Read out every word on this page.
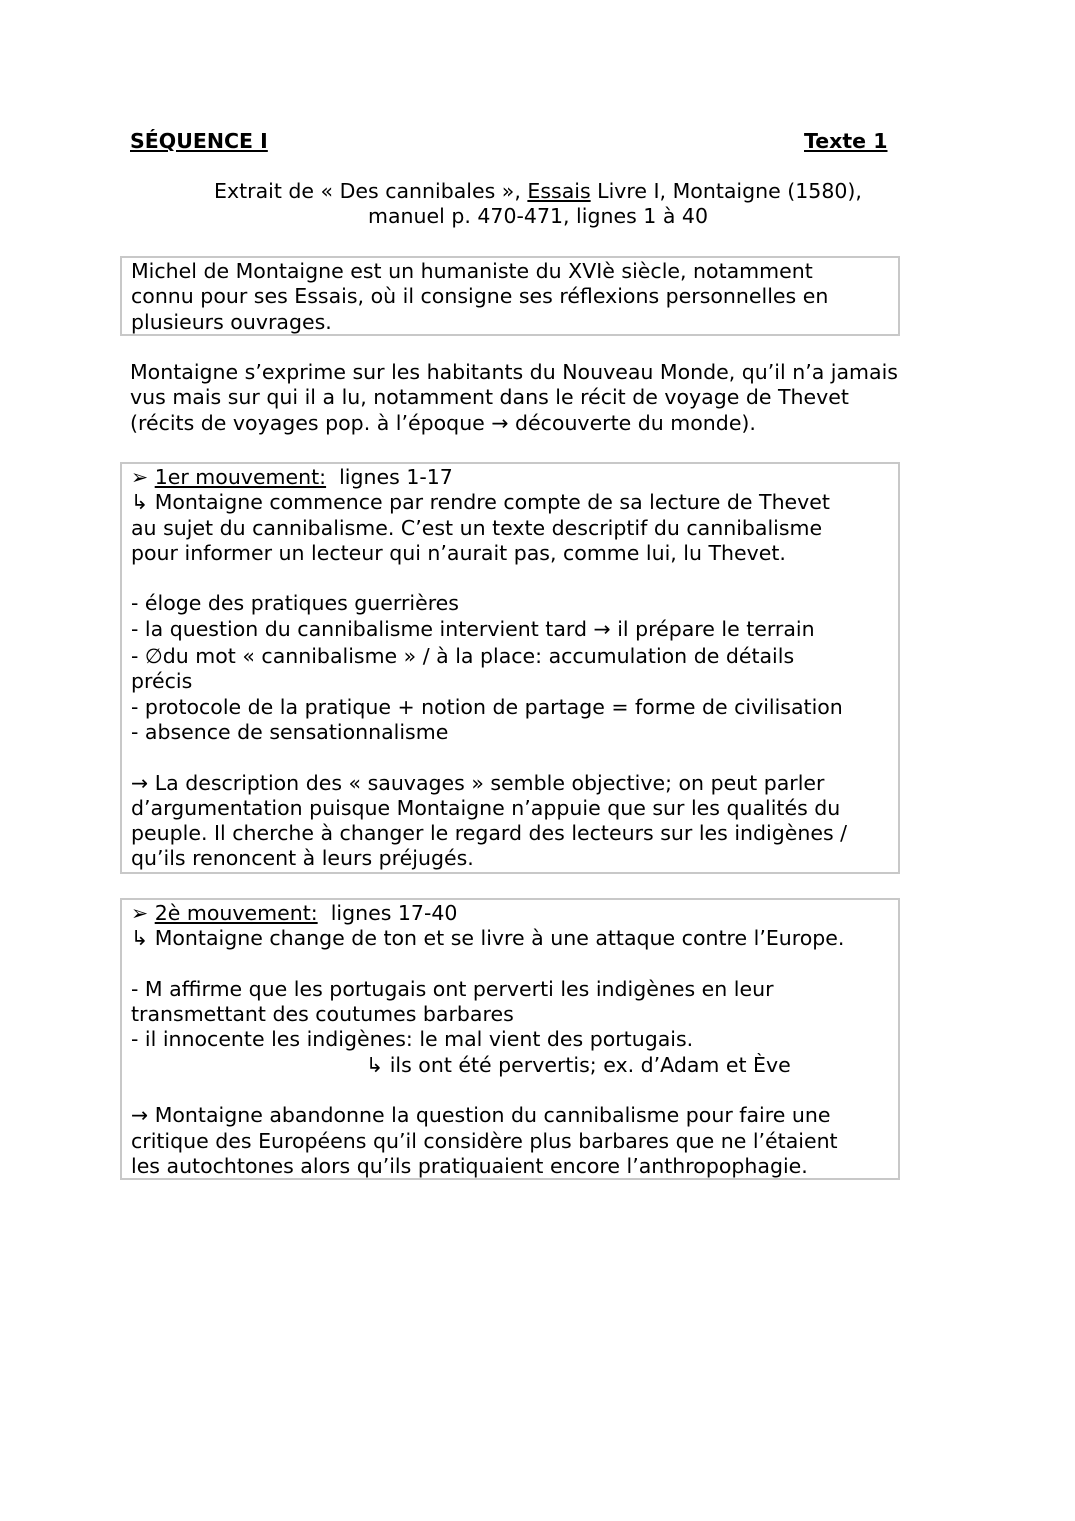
SÉQUENCE I	Texte 1
Extrait de « Des cannibales », Essais Livre I, Montaigne (1580),
manuel p. 470-471, lignes 1 à 40
Michel de Montaigne est un humaniste du XVIè siècle, notamment
connu pour ses Essais, où il consigne ses réflexions personnelles en
plusieurs ouvrages.
Montaigne s’exprime sur les habitants du Nouveau Monde, qu’il n’a jamais
vus mais sur qui il a lu, notamment dans le récit de voyage de Thevet
(récits de voyages pop. à l’époque → découverte du monde).
➢ 1er mouvement:  lignes 1-17
↳ Montaigne commence par rendre compte de sa lecture de Thevet
au sujet du cannibalisme. C’est un texte descriptif du cannibalisme
pour informer un lecteur qui n’aurait pas, comme lui, lu Thevet.
- éloge des pratiques guerrières
- la question du cannibalisme intervient tard → il prépare le terrain
- ∅du mot « cannibalisme » / à la place: accumulation de détails
précis
- protocole de la pratique + notion de partage = forme de civilisation
- absence de sensationnalisme
→ La description des « sauvages » semble objective; on peut parler
d’argumentation puisque Montaigne n’appuie que sur les qualités du
peuple. Il cherche à changer le regard des lecteurs sur les indigènes /
qu’ils renoncent à leurs préjugés.
➢ 2è mouvement:  lignes 17-40
↳ Montaigne change de ton et se livre à une attaque contre l’Europe.
- M affirme que les portugais ont perverti les indigènes en leur
transmettant des coutumes barbares
- il innocente les indigènes: le mal vient des portugais.
↳ ils ont été pervertis; ex. d’Adam et Ève
→ Montaigne abandonne la question du cannibalisme pour faire une
critique des Européens qu’il considère plus barbares que ne l’étaient
les autochtones alors qu’ils pratiquaient encore l’anthropophagie.
